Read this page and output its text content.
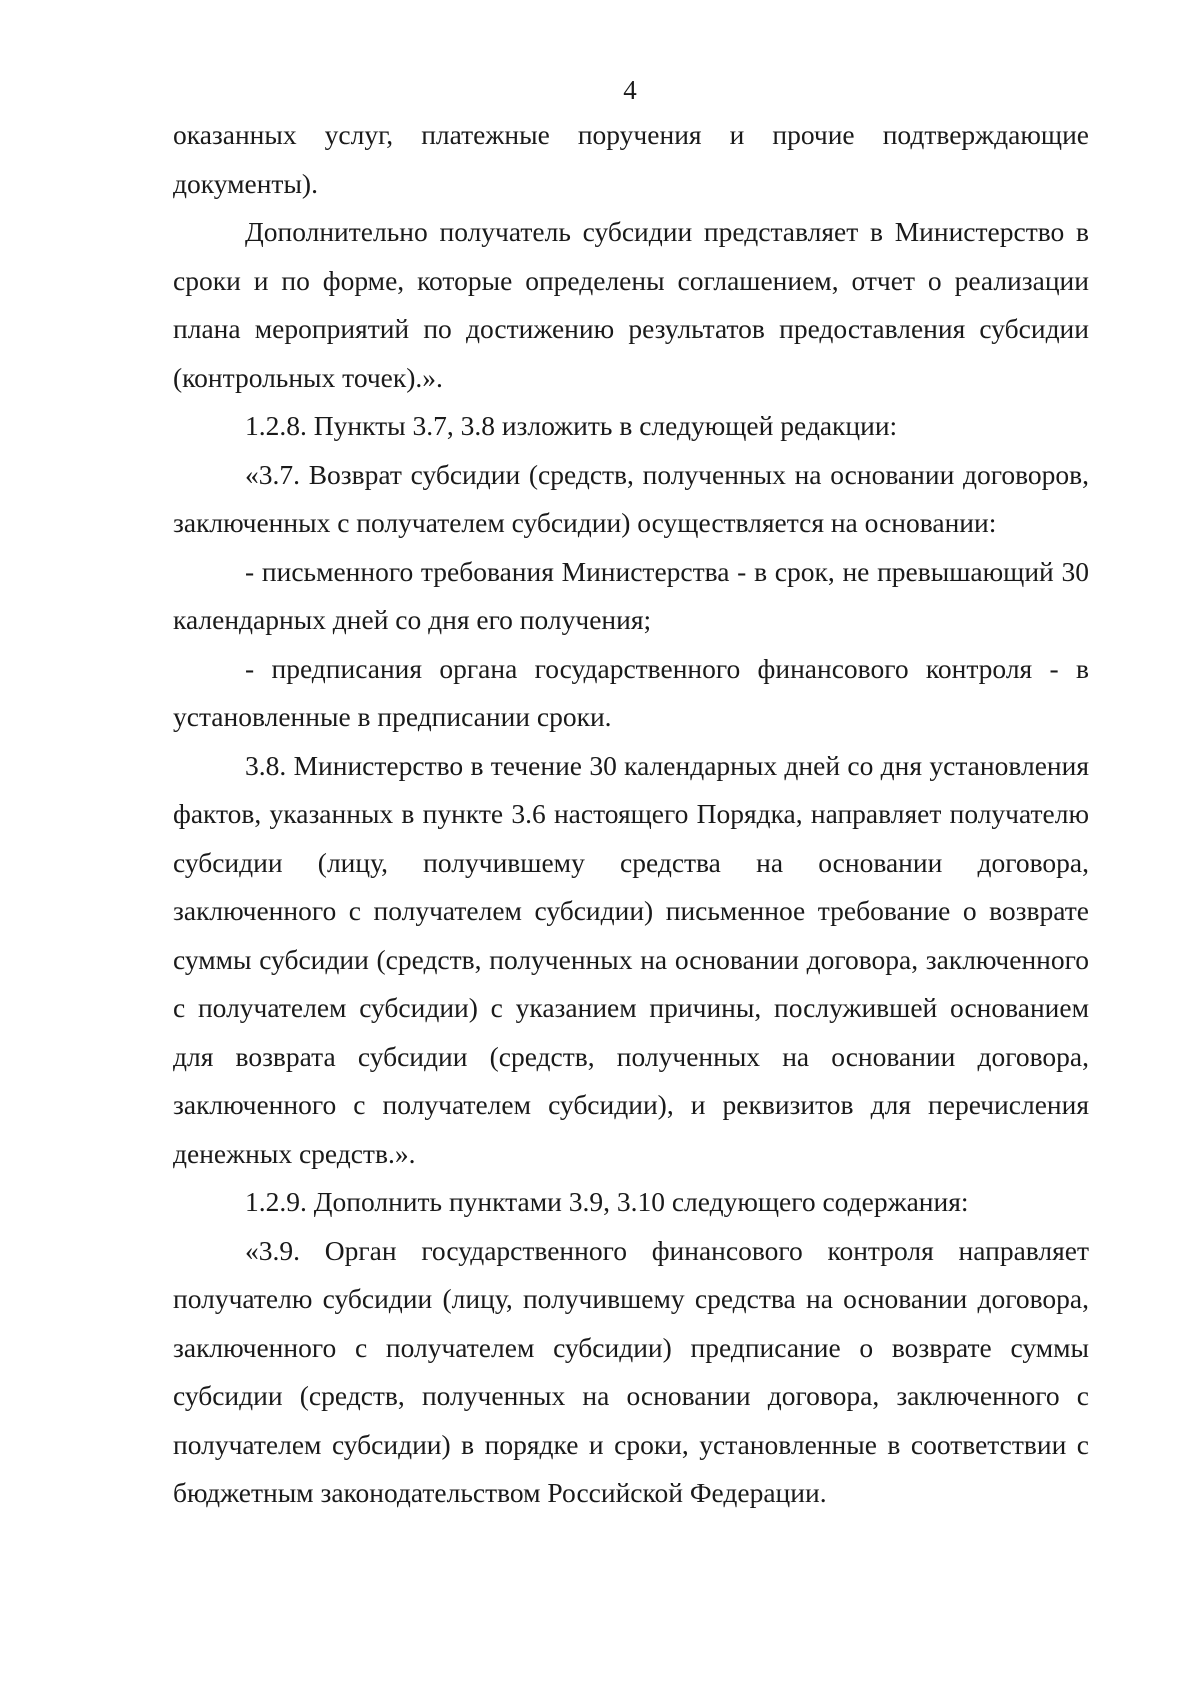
4

оказанных услуг, платежные поручения и прочие подтверждающие документы).

Дополнительно получатель субсидии представляет в Министерство в сроки и по форме, которые определены соглашением, отчет о реализации плана мероприятий по достижению результатов предоставления субсидии (контрольных точек).».

1.2.8. Пункты 3.7, 3.8 изложить в следующей редакции:

«3.7. Возврат субсидии (средств, полученных на основании договоров, заключенных с получателем субсидии) осуществляется на основании:

- письменного требования Министерства - в срок, не превышающий 30 календарных дней со дня его получения;

- предписания органа государственного финансового контроля - в установленные в предписании сроки.

3.8. Министерство в течение 30 календарных дней со дня установления фактов, указанных в пункте 3.6 настоящего Порядка, направляет получателю субсидии (лицу, получившему средства на основании договора, заключенного с получателем субсидии) письменное требование о возврате суммы субсидии (средств, полученных на основании договора, заключенного с получателем субсидии) с указанием причины, послужившей основанием для возврата субсидии (средств, полученных на основании договора, заключенного с получателем субсидии), и реквизитов для перечисления денежных средств.».

1.2.9. Дополнить пунктами 3.9, 3.10 следующего содержания:

«3.9. Орган государственного финансового контроля направляет получателю субсидии (лицу, получившему средства на основании договора, заключенного с получателем субсидии) предписание о возврате суммы субсидии (средств, полученных на основании договора, заключенного с получателем субсидии) в порядке и сроки, установленные в соответствии с бюджетным законодательством Российской Федерации.
